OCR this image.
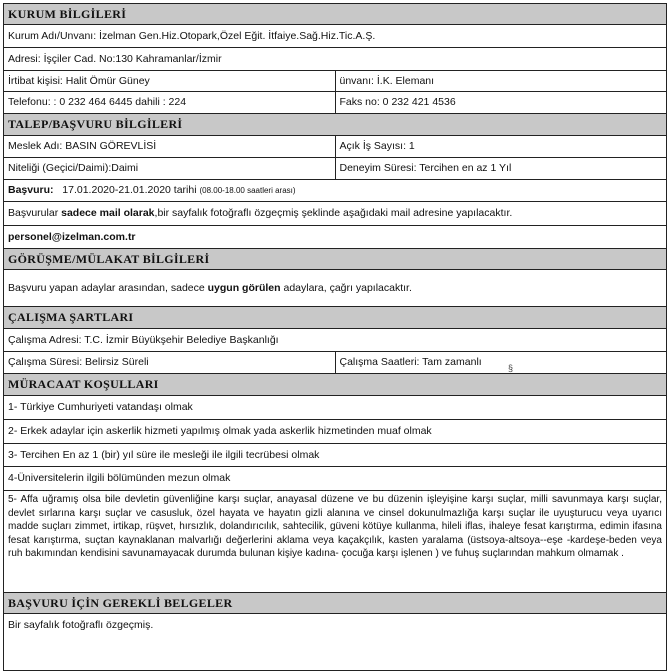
KURUM BİLGİLERİ
Kurum Adı/Unvanı: İzelman Gen.Hiz.Otopark,Özel Eğit. İtfaiye.Sağ.Hiz.Tic.A.Ş.
Adresi: İşçiler Cad. No:130 Kahramanlar/İzmir
İrtibat kişisi: Halit Ömür Güney	ünvanı: İ.K. Elemanı
Telefonu: : 0 232 464 6445 dahili : 224	Faks no: 0 232 421 4536
TALEP/BAŞVURU BİLGİLERİ
Meslek Adı: BASIN GÖREVLİSİ	Açık İş Sayısı: 1
Niteliği (Geçici/Daimi):Daimi	Deneyim Süresi: Tercihen en az 1 Yıl
Başvuru: 17.01.2020-21.01.2020 tarihi (08.00-18.00 saatleri arası)
Başvurular sadece mail olarak,bir sayfalık fotoğraflı özgeçmiş şeklinde aşağıdaki mail adresine yapılacaktır.
personel@izelman.com.tr
GÖRÜŞME/MÜLAKAT BİLGİLERİ
Başvuru yapan adaylar arasından, sadece uygun görülen adaylara, çağrı yapılacaktır.
ÇALIŞMA ŞARTLARI
Çalışma Adresi: T.C. İzmir Büyükşehir Belediye Başkanlığı
Çalışma Süresi: Belirsiz Süreli	Çalışma Saatleri: Tam zamanlı
MÜRACAAT KOŞULLARI
1- Türkiye Cumhuriyeti vatandaşı olmak
2- Erkek adaylar için askerlik hizmeti yapılmış olmak yada askerlik hizmetinden muaf olmak
3- Tercihen En az 1 (bir) yıl süre ile mesleği ile ilgili tecrübesi olmak
4-Üniversitelerin ilgili bölümünden mezun olmak
5- Affa uğramış olsa bile devletin güvenliğine karşı suçlar, anayasal düzene ve bu düzenin işleyişine karşı suçlar, milli savunmaya karşı suçlar, devlet sırlarına karşı suçlar ve casusluk, özel hayata ve hayatın gizli alanına ve cinsel dokunulmazlığa karşı suçlar ile uyuşturucu veya uyarıcı madde suçları zimmet, irtikap, rüşvet, hırsızlık, dolandırıcılık, sahtecilik, güveni kötüye kullanma, hileli iflas, ihaleye fesat karıştırma, edimin ifasına fesat karıştırma, suçtan kaynaklanan malvarlığı değerlerini aklama veya kaçakçılık, kasten yaralama (üstsoya-altsoya--eşe -kardeşe-beden veya ruh bakımından kendisini savunamayacak durumda bulunan kişiye kadına- çocuğa karşı işlenen ) ve fuhuş suçlarından mahkum olmamak .
BAŞVURU İÇİN GEREKLİ BELGELER
Bir sayfalık fotoğraflı özgeçmiş.
§
